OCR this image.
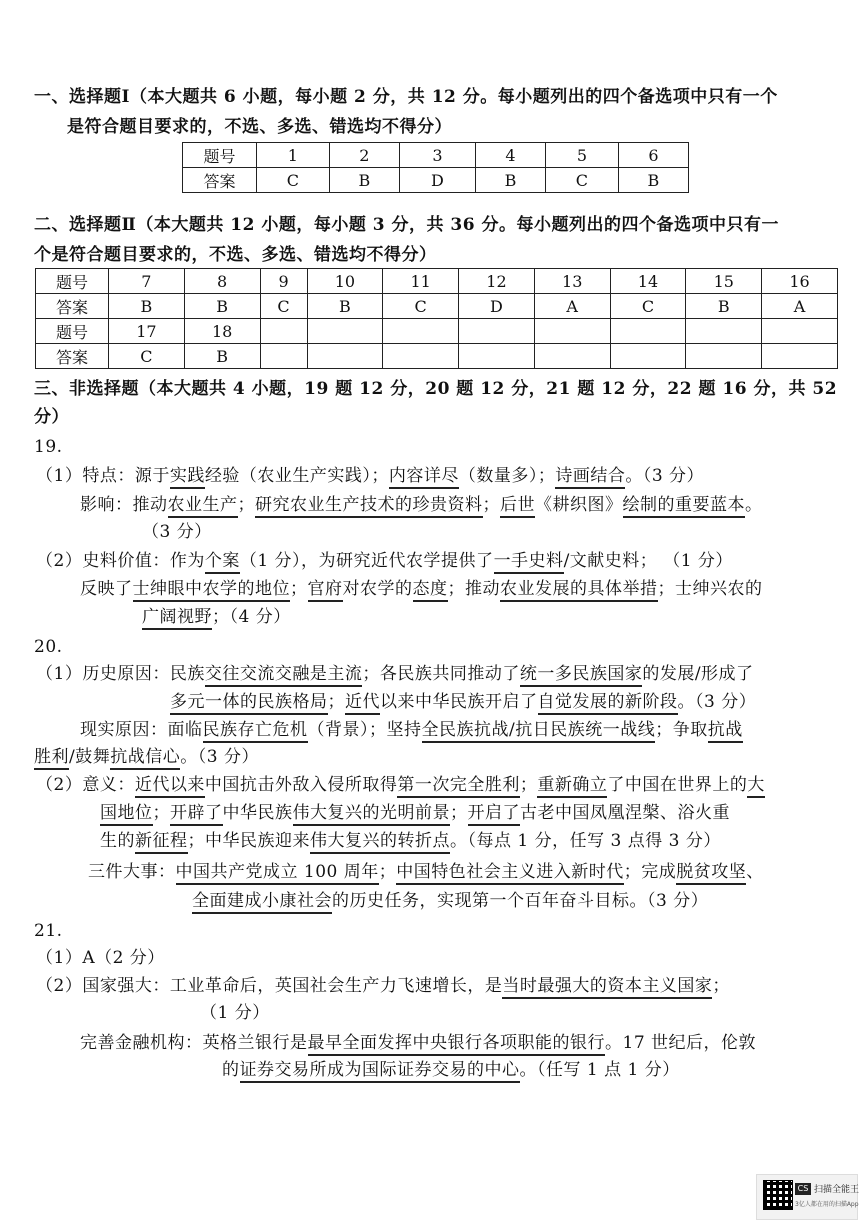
一、选择题Ⅰ（本大题共 6 小题，每小题 2 分，共 12 分。每小题列出的四个备选项中只有一个
是符合题目要求的，不选、多选、错选均不得分）
题号	1	2	3	4	5	6
答案	C	B	D	B	C	B
二、选择题Ⅱ（本大题共 12 小题，每小题 3 分，共 36 分。每小题列出的四个备选项中只有一
个是符合题目要求的，不选、多选、错选均不得分）
题号	7	8	9	10	11	12	13	14	15	16
答案	B	B	C	B	C	D	A	C	B	A
题号	17	18								
答案	C	B								
三、非选择题（本大题共 4 小题，19 题 12 分，20 题 12 分，21 题 12 分，22 题 16 分，共 52
分）
19.
（1）特点：源于实践经验（农业生产实践）；内容详尽（数量多）；诗画结合。（3 分）
影响：推动农业生产；研究农业生产技术的珍贵资料；后世《耕织图》绘制的重要蓝本。
（3 分）
（2）史料价值：作为个案（1 分），为研究近代农学提供了一手史料/文献史料； （1 分）
反映了士绅眼中农学的地位；官府对农学的态度；推动农业发展的具体举措；士绅兴农的
广阔视野；（4 分）
20.
（1）历史原因：民族交往交流交融是主流；各民族共同推动了统一多民族国家的发展/形成了
多元一体的民族格局；近代以来中华民族开启了自觉发展的新阶段。（3 分）
现实原因：面临民族存亡危机（背景）；坚持全民族抗战/抗日民族统一战线；争取抗战
胜利/鼓舞抗战信心。（3 分）
（2）意义：近代以来中国抗击外敌入侵所取得第一次完全胜利；重新确立了中国在世界上的大
国地位；开辟了中华民族伟大复兴的光明前景；开启了古老中国凤凰涅槃、浴火重
生的新征程；中华民族迎来伟大复兴的转折点。（每点 1 分，任写 3 点得 3 分）
三件大事：中国共产党成立 100 周年；中国特色社会主义进入新时代；完成脱贫攻坚、
全面建成小康社会的历史任务，实现第一个百年奋斗目标。（3 分）
21.
（1）A（2 分）
（2）国家强大：工业革命后，英国社会生产力飞速增长，是当时最强大的资本主义国家；
（1 分）
完善金融机构：英格兰银行是最早全面发挥中央银行各项职能的银行。17 世纪后，伦敦
的证券交易所成为国际证券交易的中心。（任写 1 点 1 分）
CS 扫描全能王
3亿人都在用的扫描App
